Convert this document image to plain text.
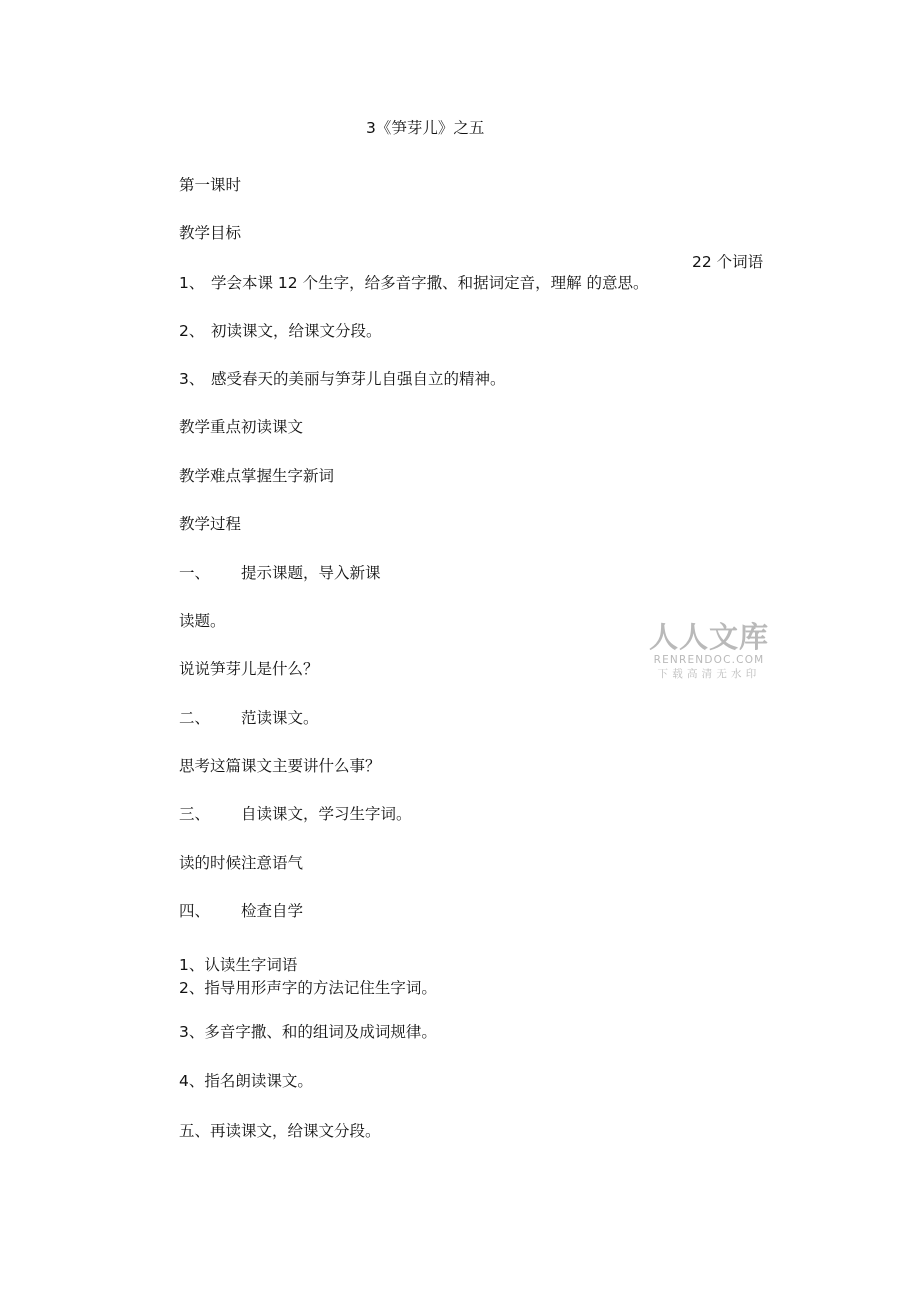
3《笋芽儿》之五

第一课时

教学目标

22 个词语

1、 学会本课 12 个生字，给多音字撒、和据词定音，理解 的意思。

2、 初读课文，给课文分段。

3、 感受春天的美丽与笋芽儿自强自立的精神。

教学重点初读课文

教学难点掌握生字新词

教学过程

一、 提示课题，导入新课

读题。

说说笋芽儿是什么？

二、 范读课文。

思考这篇课文主要讲什么事？

三、 自读课文，学习生字词。

读的时候注意语气

四、 检查自学

1、认读生字词语

2、指导用形声字的方法记住生字词。

3、多音字撒、和的组词及成词规律。

4、指名朗读课文。

五、再读课文，给课文分段。

人人文库
RENRENDOC.COM
下载高清无水印
